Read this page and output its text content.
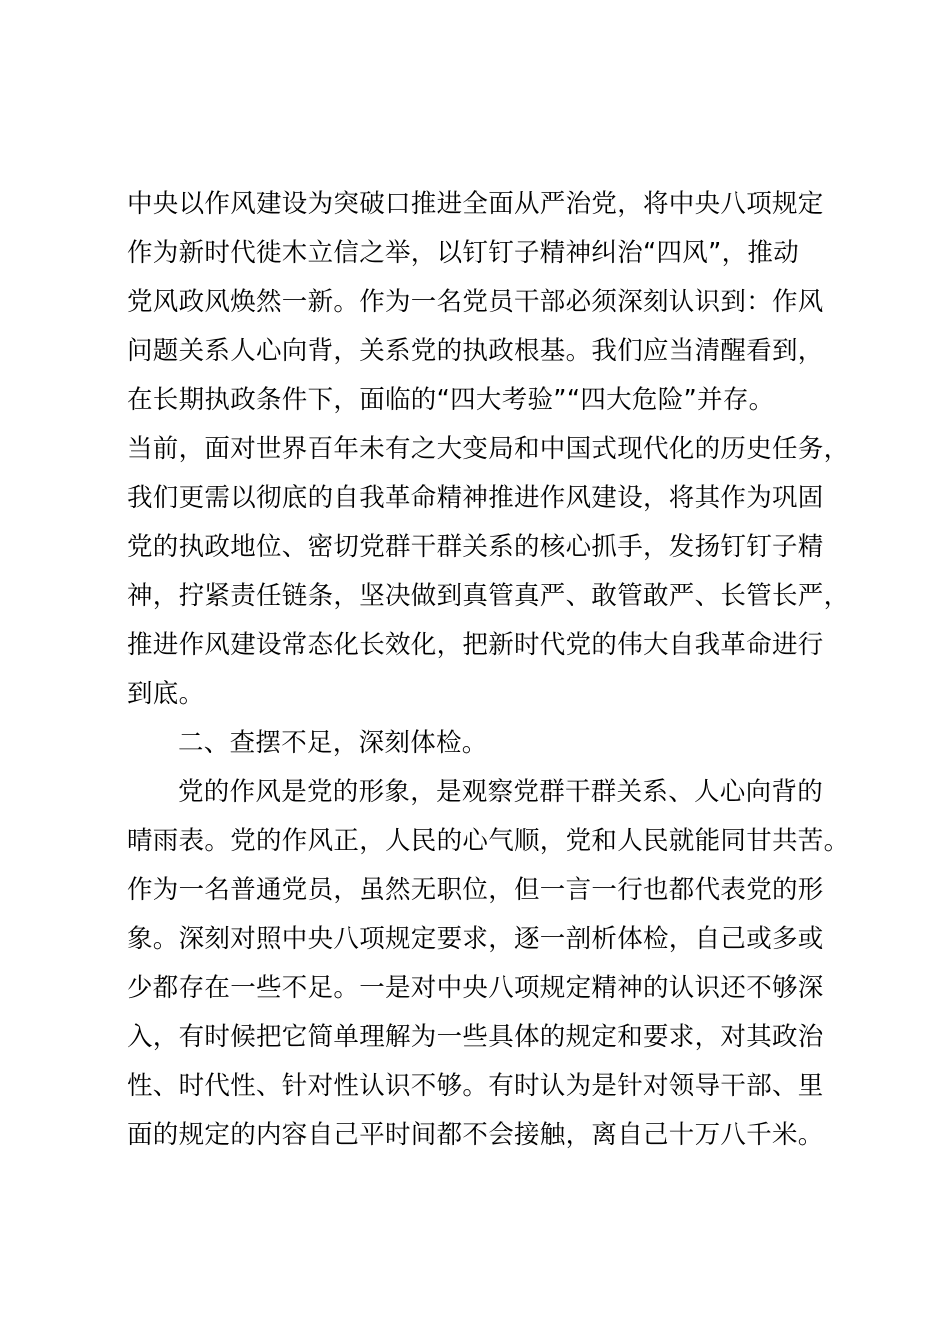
中央以作风建设为突破口推进全面从严治党，将中央八项规定
作为新时代徙木立信之举，以钉钉子精神纠治“四风”，推动
党风政风焕然一新。作为一名党员干部必须深刻认识到：作风
问题关系人心向背，关系党的执政根基。我们应当清醒看到，
在长期执政条件下，面临的“四大考验”“四大危险”并存。
当前，面对世界百年未有之大变局和中国式现代化的历史任务，
我们更需以彻底的自我革命精神推进作风建设，将其作为巩固
党的执政地位、密切党群干群关系的核心抓手，发扬钉钉子精
神，拧紧责任链条，坚决做到真管真严、敢管敢严、长管长严，
推进作风建设常态化长效化，把新时代党的伟大自我革命进行
到底。
二、查摆不足，深刻体检。
党的作风是党的形象，是观察党群干群关系、人心向背的
晴雨表。党的作风正，人民的心气顺，党和人民就能同甘共苦。
作为一名普通党员，虽然无职位，但一言一行也都代表党的形
象。深刻对照中央八项规定要求，逐一剖析体检，自己或多或
少都存在一些不足。一是对中央八项规定精神的认识还不够深
入，有时候把它简单理解为一些具体的规定和要求，对其政治
性、时代性、针对性认识不够。有时认为是针对领导干部、里
面的规定的内容自己平时间都不会接触，离自己十万八千米。
